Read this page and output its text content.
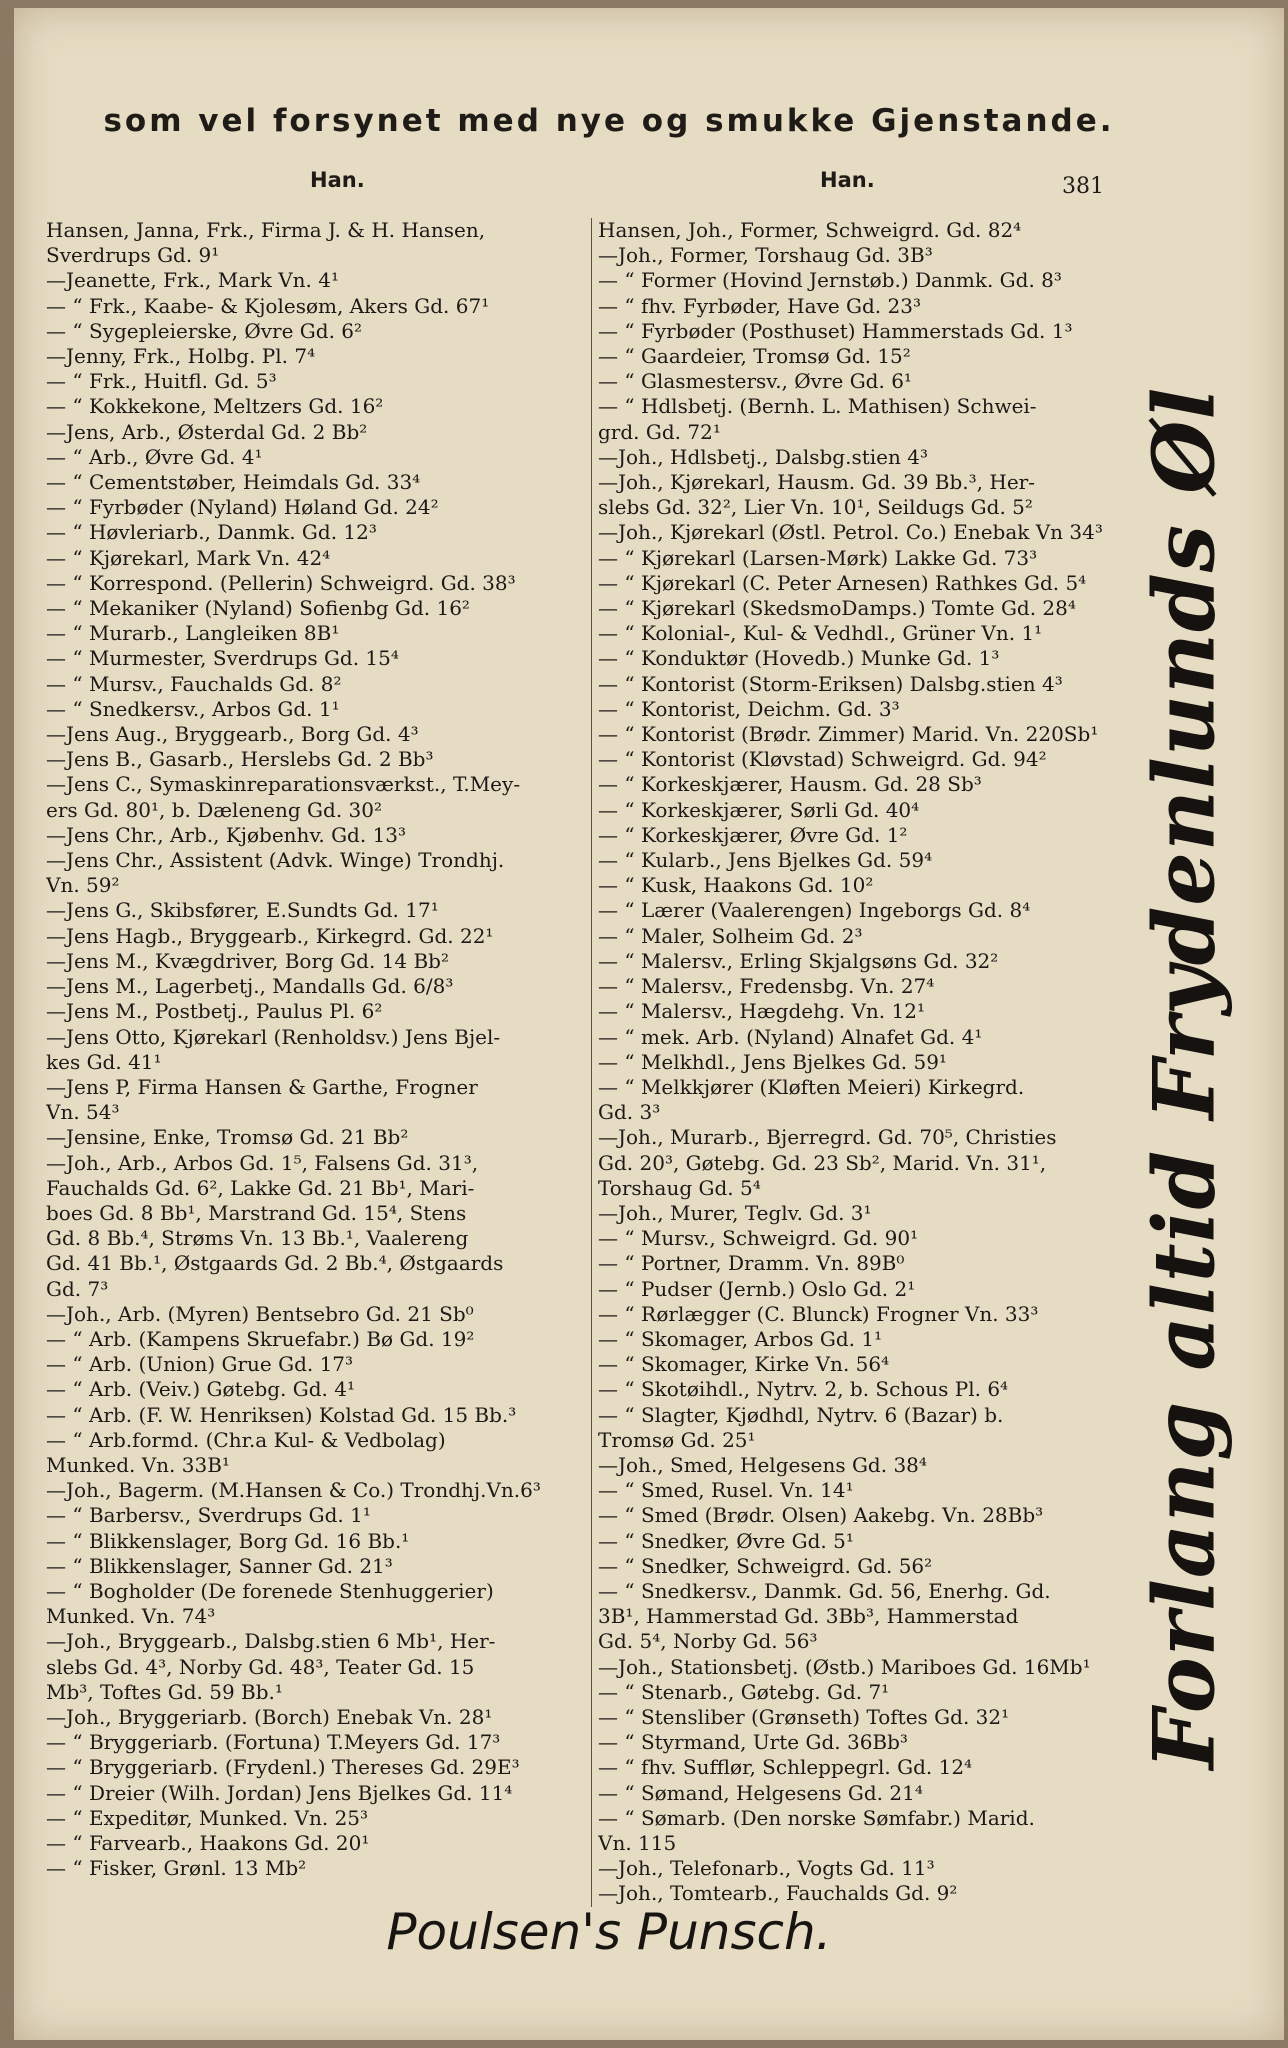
som vel forsynet med nye og smukke Gjenstande.
Han.	Han.	381
Hansen, Janna, Frk., Firma J. & H. Hansen,
Sverdrups Gd. 9¹
—Jeanette, Frk., Mark Vn. 4¹
— “ Frk., Kaabe- & Kjolesøm, Akers Gd. 67¹
— “ Sygepleierske, Øvre Gd. 6²
—Jenny, Frk., Holbg. Pl. 7⁴
— “ Frk., Huitfl. Gd. 5³
— “ Kokkekone, Meltzers Gd. 16²
—Jens, Arb., Østerdal Gd. 2 Bb²
— “ Arb., Øvre Gd. 4¹
— “ Cementstøber, Heimdals Gd. 33⁴
— “ Fyrbøder (Nyland) Høland Gd. 24²
— “ Høvleriarb., Danmk. Gd. 12³
— “ Kjørekarl, Mark Vn. 42⁴
— “ Korrespond. (Pellerin) Schweigrd. Gd. 38³
— “ Mekaniker (Nyland) Sofienbg Gd. 16²
— “ Murarb., Langleiken 8B¹
— “ Murmester, Sverdrups Gd. 15⁴
— “ Mursv., Fauchalds Gd. 8²
— “ Snedkersv., Arbos Gd. 1¹
—Jens Aug., Bryggearb., Borg Gd. 4³
—Jens B., Gasarb., Herslebs Gd. 2 Bb³
—Jens C., Symaskinreparationsværkst., T.Mey-
ers Gd. 80¹, b. Dæleneng Gd. 30²
—Jens Chr., Arb., Kjøbenhv. Gd. 13³
—Jens Chr., Assistent (Advk. Winge) Trondhj.
Vn. 59²
—Jens G., Skibsfører, E.Sundts Gd. 17¹
—Jens Hagb., Bryggearb., Kirkegrd. Gd. 22¹
—Jens M., Kvægdriver, Borg Gd. 14 Bb²
—Jens M., Lagerbetj., Mandalls Gd. 6/8³
—Jens M., Postbetj., Paulus Pl. 6²
—Jens Otto, Kjørekarl (Renholdsv.) Jens Bjel-
kes Gd. 41¹
—Jens P, Firma Hansen & Garthe, Frogner
Vn. 54³
—Jensine, Enke, Tromsø Gd. 21 Bb²
—Joh., Arb., Arbos Gd. 1⁵, Falsens Gd. 31³,
Fauchalds Gd. 6², Lakke Gd. 21 Bb¹, Mari-
boes Gd. 8 Bb¹, Marstrand Gd. 15⁴, Stens
Gd. 8 Bb.⁴, Strøms Vn. 13 Bb.¹, Vaalereng
Gd. 41 Bb.¹, Østgaards Gd. 2 Bb.⁴, Østgaards
Gd. 7³
—Joh., Arb. (Myren) Bentsebro Gd. 21 Sb⁰
— “ Arb. (Kampens Skruefabr.) Bø Gd. 19²
— “ Arb. (Union) Grue Gd. 17³
— “ Arb. (Veiv.) Gøtebg. Gd. 4¹
— “ Arb. (F. W. Henriksen) Kolstad Gd. 15 Bb.³
— “ Arb.formd. (Chr.a Kul- & Vedbolag)
Munked. Vn. 33B¹
—Joh., Bagerm. (M.Hansen & Co.) Trondhj.Vn.6³
— “ Barbersv., Sverdrups Gd. 1¹
— “ Blikkenslager, Borg Gd. 16 Bb.¹
— “ Blikkenslager, Sanner Gd. 21³
— “ Bogholder (De forenede Stenhuggerier)
Munked. Vn. 74³
—Joh., Bryggearb., Dalsbg.stien 6 Mb¹, Her-
slebs Gd. 4³, Norby Gd. 48³, Teater Gd. 15
Mb³, Toftes Gd. 59 Bb.¹
—Joh., Bryggeriarb. (Borch) Enebak Vn. 28¹
— “ Bryggeriarb. (Fortuna) T.Meyers Gd. 17³
— “ Bryggeriarb. (Frydenl.) Thereses Gd. 29E³
— “ Dreier (Wilh. Jordan) Jens Bjelkes Gd. 11⁴
— “ Expeditør, Munked. Vn. 25³
— “ Farvearb., Haakons Gd. 20¹
— “ Fisker, Grønl. 13 Mb²
Hansen, Joh., Former, Schweigrd. Gd. 82⁴
—Joh., Former, Torshaug Gd. 3B³
— “ Former (Hovind Jernstøb.) Danmk. Gd. 8³
— “ fhv. Fyrbøder, Have Gd. 23³
— “ Fyrbøder (Posthuset) Hammerstads Gd. 1³
— “ Gaardeier, Tromsø Gd. 15²
— “ Glasmestersv., Øvre Gd. 6¹
— “ Hdlsbetj. (Bernh. L. Mathisen) Schwei-
grd. Gd. 72¹
—Joh., Hdlsbetj., Dalsbg.stien 4³
—Joh., Kjørekarl, Hausm. Gd. 39 Bb.³, Her-
slebs Gd. 32², Lier Vn. 10¹, Seildugs Gd. 5²
—Joh., Kjørekarl (Østl. Petrol. Co.) Enebak Vn 34³
— “ Kjørekarl (Larsen-Mørk) Lakke Gd. 73³
— “ Kjørekarl (C. Peter Arnesen) Rathkes Gd. 5⁴
— “ Kjørekarl (SkedsmoDamps.) Tomte Gd. 28⁴
— “ Kolonial-, Kul- & Vedhdl., Grüner Vn. 1¹
— “ Konduktør (Hovedb.) Munke Gd. 1³
— “ Kontorist (Storm-Eriksen) Dalsbg.stien 4³
— “ Kontorist, Deichm. Gd. 3³
— “ Kontorist (Brødr. Zimmer) Marid. Vn. 220Sb¹
— “ Kontorist (Kløvstad) Schweigrd. Gd. 94²
— “ Korkeskjærer, Hausm. Gd. 28 Sb³
— “ Korkeskjærer, Sørli Gd. 40⁴
— “ Korkeskjærer, Øvre Gd. 1²
— “ Kularb., Jens Bjelkes Gd. 59⁴
— “ Kusk, Haakons Gd. 10²
— “ Lærer (Vaalerengen) Ingeborgs Gd. 8⁴
— “ Maler, Solheim Gd. 2³
— “ Malersv., Erling Skjalgsøns Gd. 32²
— “ Malersv., Fredensbg. Vn. 27⁴
— “ Malersv., Hægdehg. Vn. 12¹
— “ mek. Arb. (Nyland) Alnafet Gd. 4¹
— “ Melkhdl., Jens Bjelkes Gd. 59¹
— “ Melkkjører (Kløften Meieri) Kirkegrd.
Gd. 3³
—Joh., Murarb., Bjerregrd. Gd. 70⁵, Christies
Gd. 20³, Gøtebg. Gd. 23 Sb², Marid. Vn. 31¹,
Torshaug Gd. 5⁴
—Joh., Murer, Teglv. Gd. 3¹
— “ Mursv., Schweigrd. Gd. 90¹
— “ Portner, Dramm. Vn. 89B⁰
— “ Pudser (Jernb.) Oslo Gd. 2¹
— “ Rørlægger (C. Blunck) Frogner Vn. 33³
— “ Skomager, Arbos Gd. 1¹
— “ Skomager, Kirke Vn. 56⁴
— “ Skotøihdl., Nytrv. 2, b. Schous Pl. 6⁴
— “ Slagter, Kjødhdl, Nytrv. 6 (Bazar) b.
Tromsø Gd. 25¹
—Joh., Smed, Helgesens Gd. 38⁴
— “ Smed, Rusel. Vn. 14¹
— “ Smed (Brødr. Olsen) Aakebg. Vn. 28Bb³
— “ Snedker, Øvre Gd. 5¹
— “ Snedker, Schweigrd. Gd. 56²
— “ Snedkersv., Danmk. Gd. 56, Enerhg. Gd.
3B¹, Hammerstad Gd. 3Bb³, Hammerstad
Gd. 5⁴, Norby Gd. 56³
—Joh., Stationsbetj. (Østb.) Mariboes Gd. 16Mb¹
— “ Stenarb., Gøtebg. Gd. 7¹
— “ Stensliber (Grønseth) Toftes Gd. 32¹
— “ Styrmand, Urte Gd. 36Bb³
— “ fhv. Sufflør, Schleppegrl. Gd. 12⁴
— “ Sømand, Helgesens Gd. 21⁴
— “ Sømarb. (Den norske Sømfabr.) Marid.
Vn. 115
—Joh., Telefonarb., Vogts Gd. 11³
—Joh., Tomtearb., Fauchalds Gd. 9²
Forlang altid Frydenlunds Øl
Poulsen's Punsch.
